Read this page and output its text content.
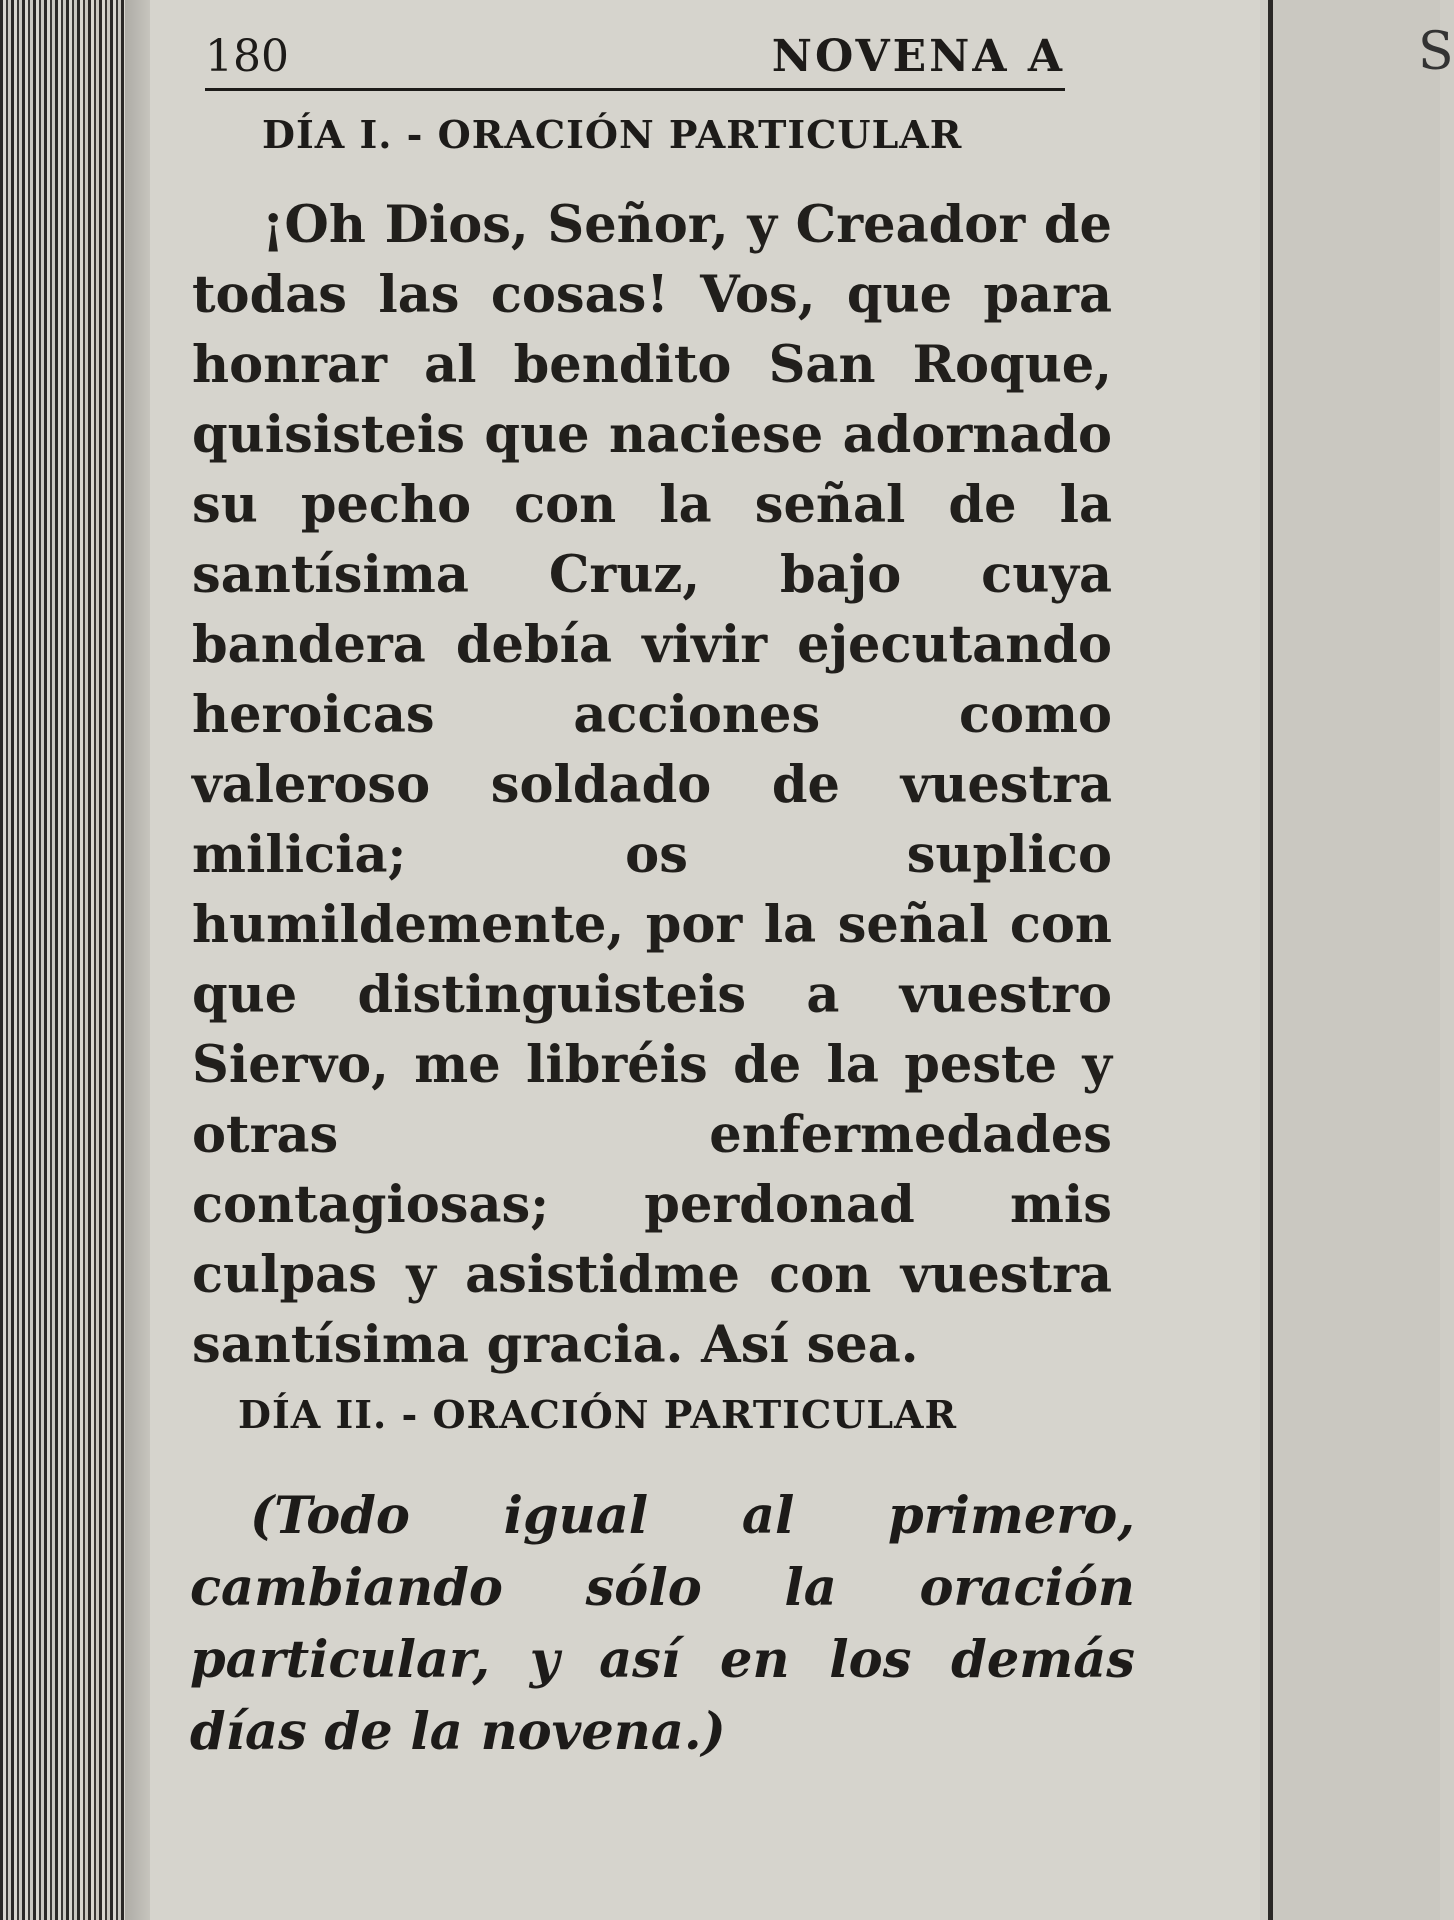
S
180	NOVENA A
DÍA I. - ORACIÓN PARTICULAR

¡Oh Dios, Señor, y Creador de todas las cosas! Vos, que para honrar al bendito San Roque, quisisteis que naciese adornado su pecho con la señal de la santísima Cruz, bajo cuya bandera debía vivir ejecutando heroicas acciones como valeroso soldado de vuestra milicia; os suplico humildemente, por la señal con que distinguisteis a vuestro Siervo, me libréis de la peste y otras enfermedades contagiosas; perdonad mis culpas y asistidme con vuestra santísima gracia. Así sea.

DÍA II. - ORACIÓN PARTICULAR

(Todo igual al primero, cambiando sólo la oración particular, y así en los demás días de la novena.)
